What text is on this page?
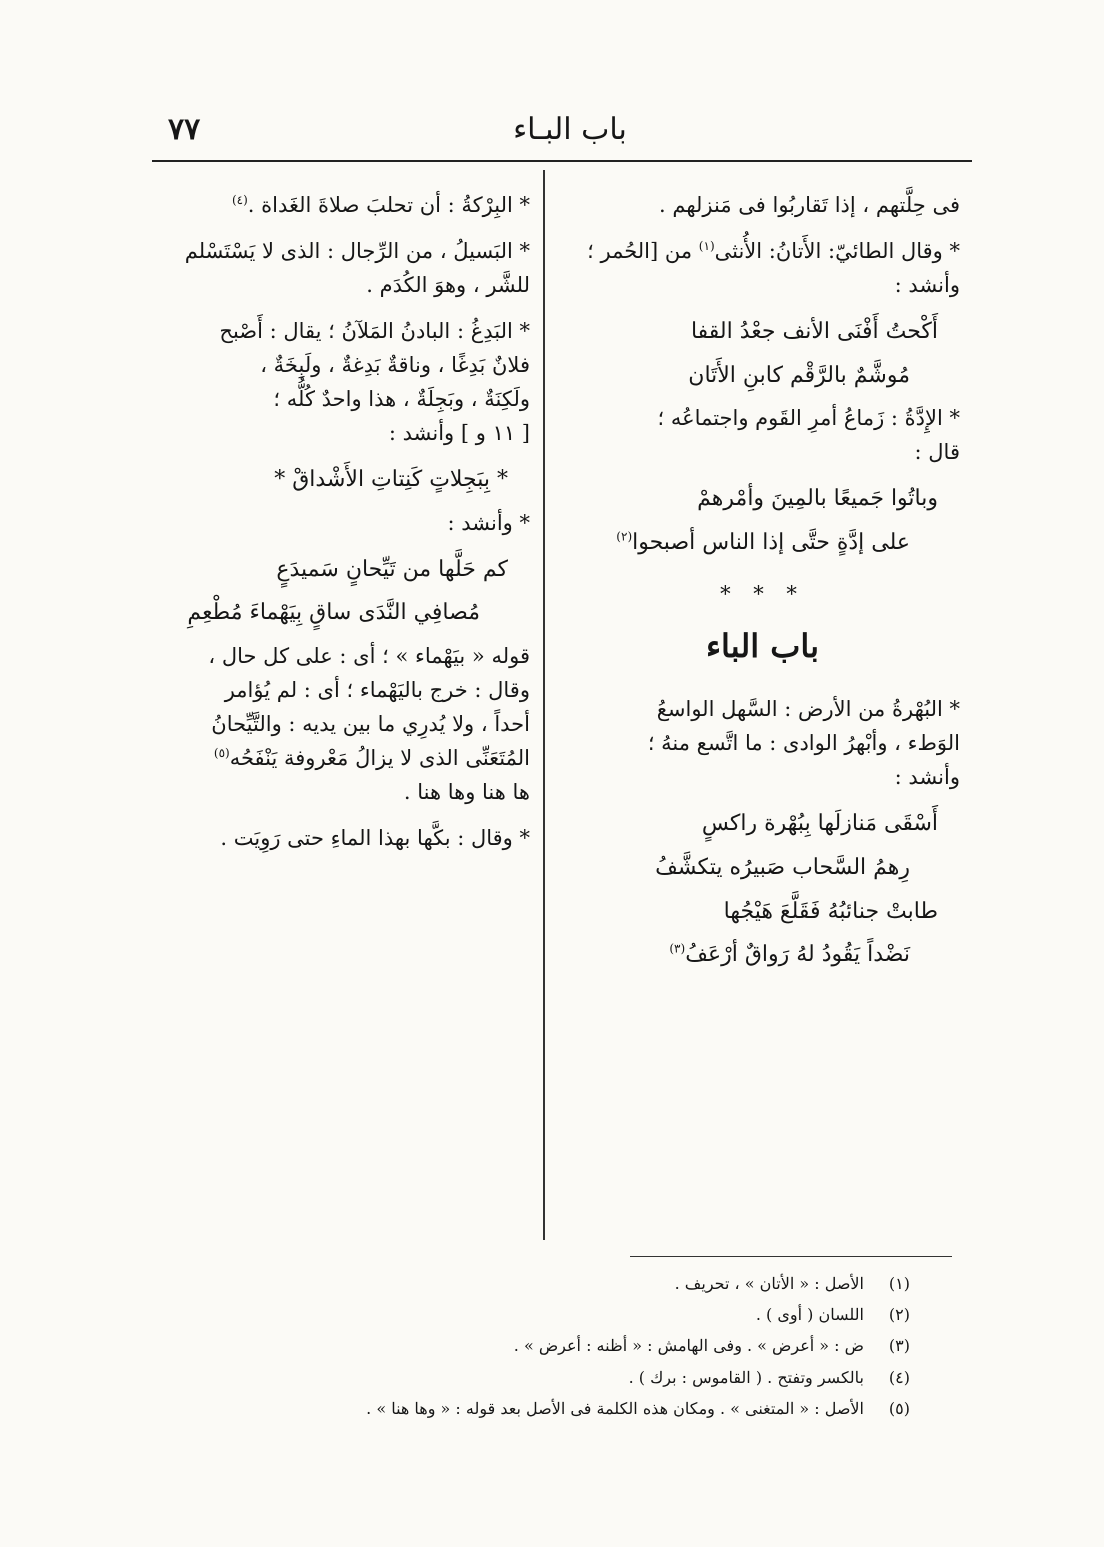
٧٧	باب البـاء

فى حِلَّتهم ، إذا تَقاربُوا فى مَنزلهم .

* وقال الطائيّ: الأَتانُ: الأُنثى$^{(١)}$ من [الحُمر ؛ وأنشد :

أَكْحتُ أَفْنَى الأنف جعْدُ القفا
مُوشَّمٌ بالرَّقْم كابنِ الأَتَان

* الإِدَّةُ : زَماعُ أمرِ القَوم واجتماعُه ؛
قال :

وباتُوا جَميعًا بالمِينَ وأمْرهمْ
على إدَّةٍ حتَّى إذا الناس أصبحوا$^{(٢)}$
* * *
باب الباء

* البُهْرةُ من الأرض : السَّهل الواسعُ
الوَطء ، وأبْهرُ الوادى : ما اتَّسع منهُ ؛
وأنشد :

أَسْقَى مَنازلَها بِبُهْرة راكسٍ
رِهمُ السَّحاب صَبيرُه يتكشَّفُ
طابتْ جنائبُهُ فَقَلَّعَ هَيْجُها
نَضْداً يَقُودُ لهُ رَواقٌ أرْعَفُ$^{(٣)}$

* البِرْكةُ : أن تحلبَ صلاةَ الغَداة .$^{(٤)}$

* البَسيلُ ، من الرِّجال : الذى لا يَسْتَسْلم
للشَّر ، وهوَ الكُدَم .

* البَدِغُ : البادنُ المَلآنُ ؛ يقال : أَصْبح
فلانٌ بَدِغًا ، وناقةٌ بَدِغةٌ ، ولَبِخَةٌ ،
ولَكِنَةٌ ، وبَجِلَةٌ ، هذا واحدٌ كُلُّه ؛
[ ١١ و ] وأنشد :

* بِبَجِلاتٍ كَنِتاتِ الأَشْداقْ *

* وأنشد :

كم حَلَّها من تَيِّحانٍ سَميدَعٍ
مُصافِي النَّدَى ساقٍ بِيَهْماءَ مُطْعِمِ

قوله « بيَهْماء » ؛ أى : على كل حال ،
وقال : خرج باليَهْماء ؛ أى : لم يُؤامر
أحداً ، ولا يُدرِي ما بين يديه : والتَّيِّحانُ
المُتَعَنِّى الذى لا يزالُ مَعْروفة يَنْفَحُه$^{(٥)}$
ها هنا وها هنا .

* وقال : بكَّها بهذا الماءِ حتى رَوِيَت .

(١)الأصل : « الأتان » ، تحريف .
(٢)اللسان ( أوى ) .
(٣)ض : « أعرض » . وفى الهامش : « أظنه : أعرض » .
(٤)بالكسر وتفتح . ( القاموس : برك ) .
(٥)الأصل : « المتغنى » . ومكان هذه الكلمة فى الأصل بعد قوله : « وها هنا » .
